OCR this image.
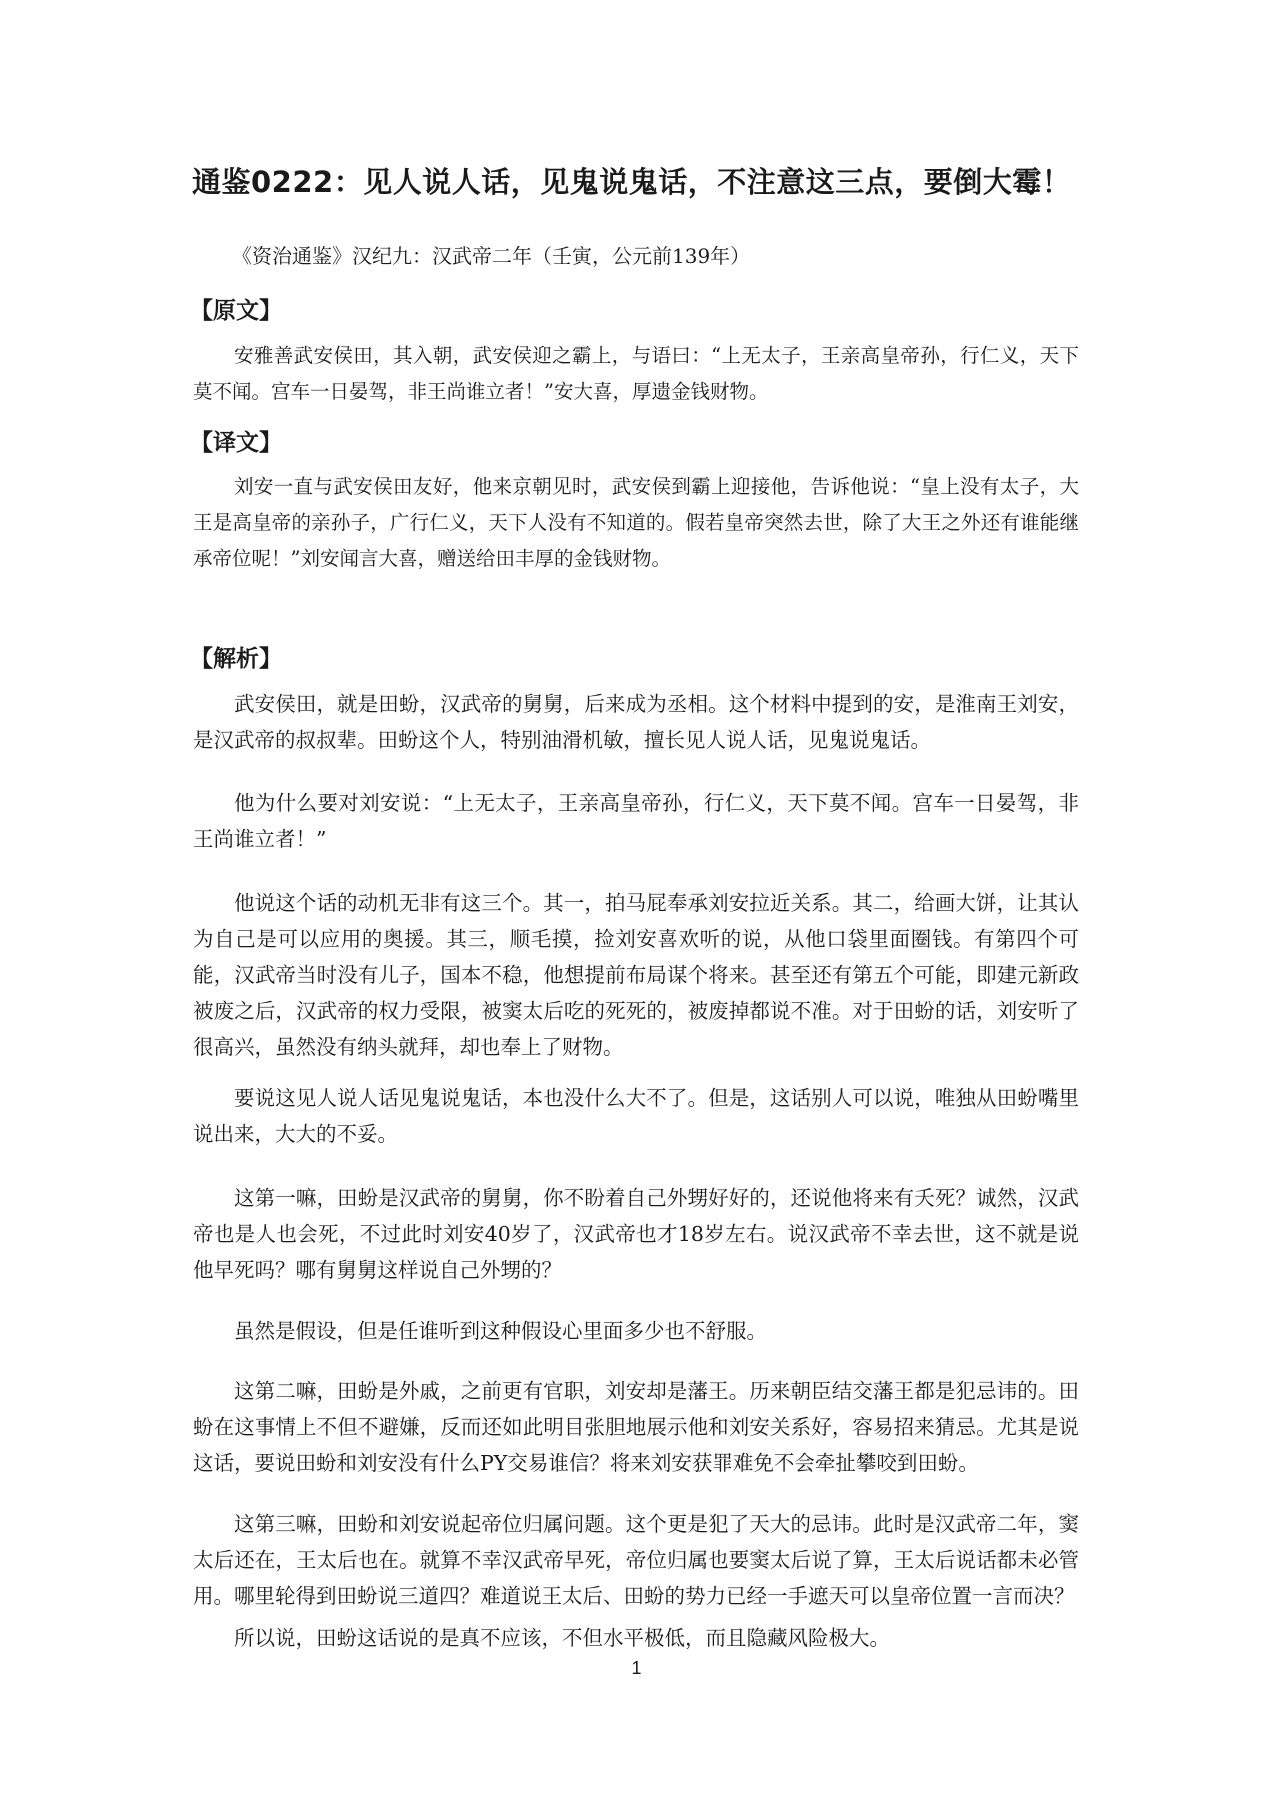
通鉴0222：见人说人话，见鬼说鬼话，不注意这三点，要倒大霉！
《资治通鉴》汉纪九：汉武帝二年（壬寅，公元前139年）
【原文】

安雅善武安侯田，其入朝，武安侯迎之霸上，与语曰：“上无太子，王亲高皇帝孙，行仁义，天下莫不闻。宫车一日晏驾，非王尚谁立者！”安大喜，厚遗金钱财物。

【译文】

刘安一直与武安侯田友好，他来京朝见时，武安侯到霸上迎接他，告诉他说：“皇上没有太子，大王是高皇帝的亲孙子，广行仁义，天下人没有不知道的。假若皇帝突然去世，除了大王之外还有谁能继承帝位呢！”刘安闻言大喜，赠送给田丰厚的金钱财物。

【解析】

武安侯田，就是田蚡，汉武帝的舅舅，后来成为丞相。这个材料中提到的安，是淮南王刘安，是汉武帝的叔叔辈。田蚡这个人，特别油滑机敏，擅长见人说人话，见鬼说鬼话。

他为什么要对刘安说：“上无太子，王亲高皇帝孙，行仁义，天下莫不闻。宫车一日晏驾，非王尚谁立者！”

他说这个话的动机无非有这三个。其一，拍马屁奉承刘安拉近关系。其二，给画大饼，让其认为自己是可以应用的奥援。其三，顺毛摸，捡刘安喜欢听的说，从他口袋里面圈钱。有第四个可能，汉武帝当时没有儿子，国本不稳，他想提前布局谋个将来。甚至还有第五个可能，即建元新政被废之后，汉武帝的权力受限，被窦太后吃的死死的，被废掉都说不准。对于田蚡的话，刘安听了很高兴，虽然没有纳头就拜，却也奉上了财物。

要说这见人说人话见鬼说鬼话，本也没什么大不了。但是，这话别人可以说，唯独从田蚡嘴里说出来，大大的不妥。

这第一嘛，田蚡是汉武帝的舅舅，你不盼着自己外甥好好的，还说他将来有夭死？诚然，汉武帝也是人也会死，不过此时刘安40岁了，汉武帝也才18岁左右。说汉武帝不幸去世，这不就是说他早死吗？哪有舅舅这样说自己外甥的？

虽然是假设，但是任谁听到这种假设心里面多少也不舒服。

这第二嘛，田蚡是外戚，之前更有官职，刘安却是藩王。历来朝臣结交藩王都是犯忌讳的。田蚡在这事情上不但不避嫌，反而还如此明目张胆地展示他和刘安关系好，容易招来猜忌。尤其是说这话，要说田蚡和刘安没有什么PY交易谁信？将来刘安获罪难免不会牵扯攀咬到田蚡。

这第三嘛，田蚡和刘安说起帝位归属问题。这个更是犯了天大的忌讳。此时是汉武帝二年，窦太后还在，王太后也在。就算不幸汉武帝早死，帝位归属也要窦太后说了算，王太后说话都未必管用。哪里轮得到田蚡说三道四？难道说王太后、田蚡的势力已经一手遮天可以皇帝位置一言而决？

1
所以说，田蚡这话说的是真不应该，不但水平极低，而且隐藏风险极大。
